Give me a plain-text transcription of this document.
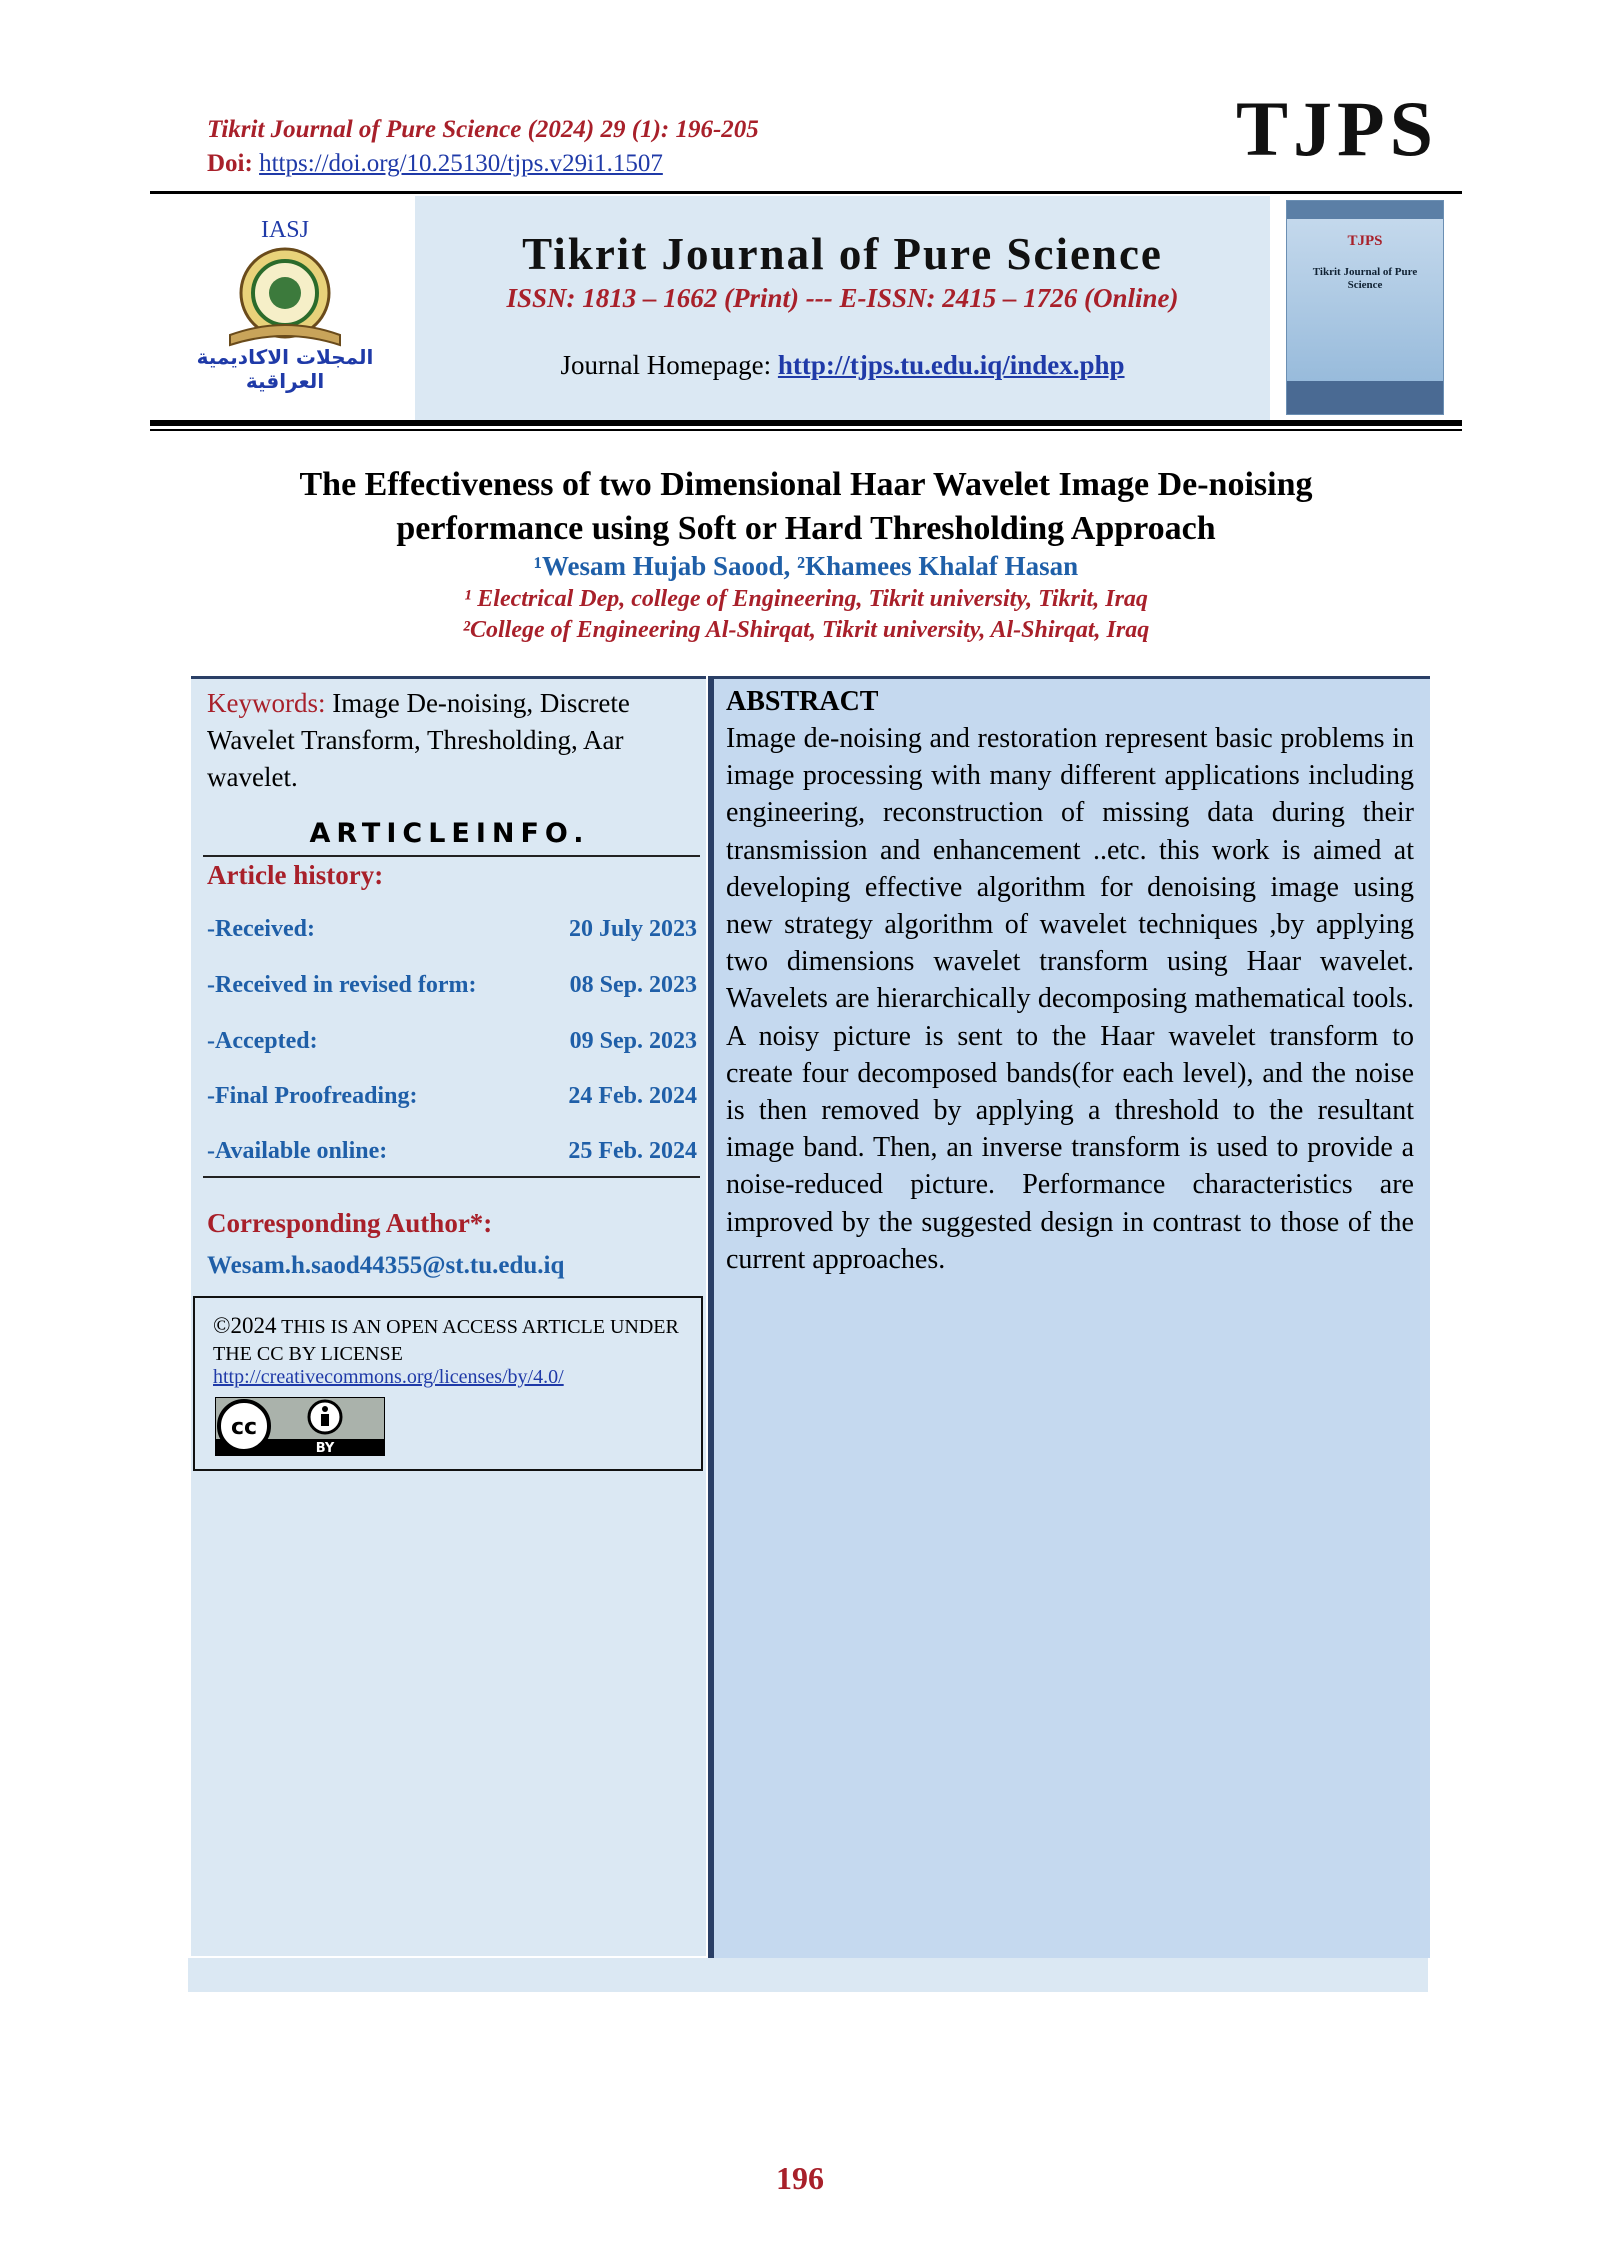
Tikrit Journal of Pure Science (2024) 29 (1): 196-205
Doi: https://doi.org/10.25130/tjps.v29i1.1507	TJPS
IASJ
المجلات الاكاديمية العراقية
Tikrit Journal of Pure Science
ISSN: 1813 – 1662 (Print) --- E-ISSN: 2415 – 1726 (Online)
Journal Homepage: http://tjps.tu.edu.iq/index.php
TJPS
Tikrit Journal of Pure Science
The Effectiveness of two Dimensional Haar Wavelet Image De-noising
performance using Soft or Hard Thresholding Approach
¹Wesam Hujab Saood, ²Khamees Khalaf Hasan
¹ Electrical Dep, college of Engineering, Tikrit university, Tikrit, Iraq
²College of Engineering Al-Shirqat, Tikrit university, Al-Shirqat, Iraq
Keywords: Image De-noising, Discrete Wavelet Transform, Thresholding, Aar wavelet.
ARTICLEINFO.
Article history:
-Received:	20 July 2023
-Received in revised form:	08 Sep. 2023
-Accepted:	09 Sep. 2023
-Final Proofreading:	24 Feb. 2024
-Available online:	25 Feb. 2024
Corresponding Author*:
Wesam.h.saod44355@st.tu.edu.iq
©2024 THIS IS AN OPEN ACCESS ARTICLE UNDER THE CC BY LICENSE
http://creativecommons.org/licenses/by/4.0/
cc
BY
ABSTRACT
Image de-noising and restoration represent basic problems in image processing with many different applications including engineering, reconstruction of missing data during their transmission and enhancement ..etc. this work is aimed at developing effective algorithm for denoising image using new strategy algorithm of wavelet techniques ,by applying two dimensions wavelet transform using Haar wavelet. Wavelets are hierarchically decomposing mathematical tools. A noisy picture is sent to the Haar wavelet transform to create four decomposed bands(for each level), and the noise is then removed by applying a threshold to the resultant image band. Then, an inverse transform is used to provide a noise-reduced picture. Performance characteristics are improved by the suggested design in contrast to those of the current approaches.
196
